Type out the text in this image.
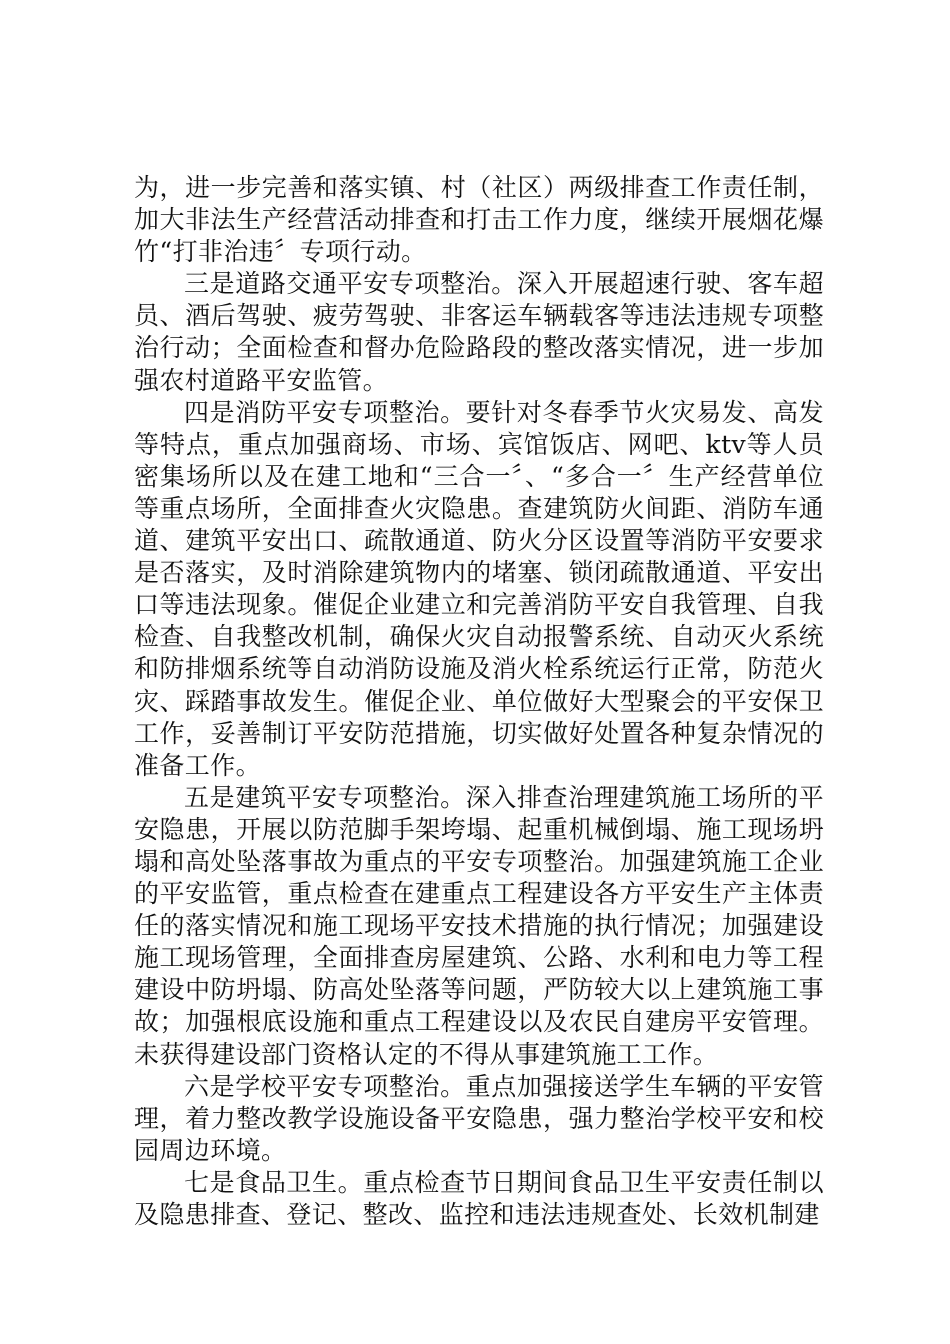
为，进一步完善和落实镇、村（社区）两级排查工作责任制，加大非法生产经营活动排查和打击工作力度，继续开展烟花爆竹“打非治违〞专项行动。

三是道路交通平安专项整治。深入开展超速行驶、客车超员、酒后驾驶、疲劳驾驶、非客运车辆载客等违法违规专项整治行动；全面检查和督办危险路段的整改落实情况，进一步加强农村道路平安监管。

四是消防平安专项整治。要针对冬春季节火灾易发、高发等特点，重点加强商场、市场、宾馆饭店、网吧、ktv等人员密集场所以及在建工地和“三合一〞、“多合一〞生产经营单位等重点场所，全面排查火灾隐患。查建筑防火间距、消防车通道、建筑平安出口、疏散通道、防火分区设置等消防平安要求是否落实，及时消除建筑物内的堵塞、锁闭疏散通道、平安出口等违法现象。催促企业建立和完善消防平安自我管理、自我检查、自我整改机制，确保火灾自动报警系统、自动灭火系统和防排烟系统等自动消防设施及消火栓系统运行正常，防范火灾、踩踏事故发生。催促企业、单位做好大型聚会的平安保卫工作，妥善制订平安防范措施，切实做好处置各种复杂情况的准备工作。

五是建筑平安专项整治。深入排查治理建筑施工场所的平安隐患，开展以防范脚手架垮塌、起重机械倒塌、施工现场坍塌和高处坠落事故为重点的平安专项整治。加强建筑施工企业的平安监管，重点检查在建重点工程建设各方平安生产主体责任的落实情况和施工现场平安技术措施的执行情况；加强建设施工现场管理，全面排查房屋建筑、公路、水利和电力等工程建设中防坍塌、防高处坠落等问题，严防较大以上建筑施工事故；加强根底设施和重点工程建设以及农民自建房平安管理。未获得建设部门资格认定的不得从事建筑施工工作。

六是学校平安专项整治。重点加强接送学生车辆的平安管理，着力整改教学设施设备平安隐患，强力整治学校平安和校园周边环境。

七是食品卫生。重点检查节日期间食品卫生平安责任制以及隐患排查、登记、整改、监控和违法违规查处、长效机制建
